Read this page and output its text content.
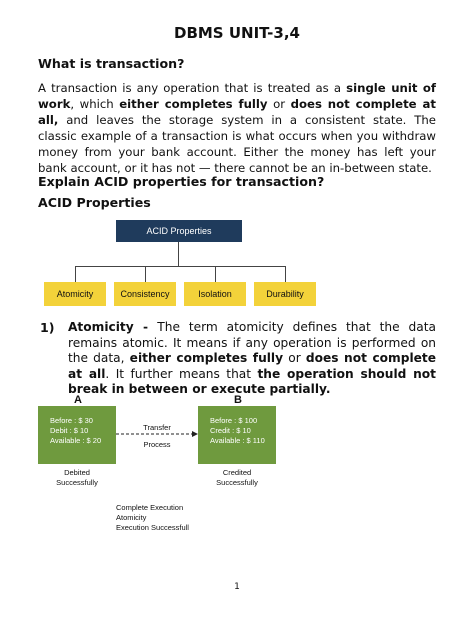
DBMS UNIT-3,4
What is transaction?
A transaction is any operation that is treated as a single unit of work, which either completes fully or does not complete at all, and leaves the storage system in a consistent state. The classic example of a transaction is what occurs when you withdraw money from your bank account. Either the money has left your bank account, or it has not — there cannot be an in-between state.
Explain ACID properties for transaction?
ACID Properties
ACID Properties
Atomicity	Consistency	Isolation	Durability
1) Atomicity - The term atomicity defines that the data remains atomic. It means if any operation is performed on the data, either completes fully or does not complete at all. It further means that the operation should not break in between or execute partially.
A	B
Before : $ 30
Debit : $ 10
Available : $ 20
Before : $ 100
Credit : $ 10
Available : $ 110
Transfer
Process
Debited
Successfully
Credited
Successfully
Complete Execution
Atomicity
Execution Successfull
1
